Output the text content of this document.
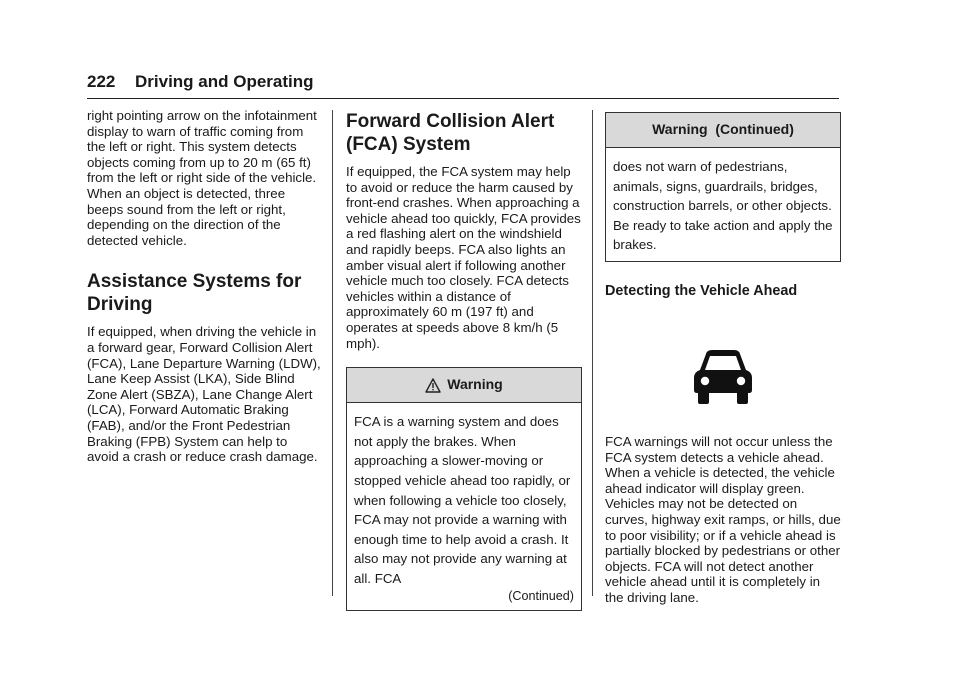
222 Driving and Operating

right pointing arrow on the infotainment display to warn of traffic coming from the left or right. This system detects objects coming from up to 20 m (65 ft) from the left or right side of the vehicle. When an object is detected, three beeps sound from the left or right, depending on the direction of the detected vehicle.

Assistance Systems for Driving

If equipped, when driving the vehicle in a forward gear, Forward Collision Alert (FCA), Lane Departure Warning (LDW), Lane Keep Assist (LKA), Side Blind Zone Alert (SBZA), Lane Change Alert (LCA), Forward Automatic Braking (FAB), and/or the Front Pedestrian Braking (FPB) System can help to avoid a crash or reduce crash damage.

Forward Collision Alert (FCA) System

If equipped, the FCA system may help to avoid or reduce the harm caused by front-end crashes. When approaching a vehicle ahead too quickly, FCA provides a red flashing alert on the windshield and rapidly beeps. FCA also lights an amber visual alert if following another vehicle much too closely. FCA detects vehicles within a distance of approximately 60 m (197 ft) and operates at speeds above 8 km/h (5 mph).

Warning

FCA is a warning system and does not apply the brakes. When approaching a slower-moving or stopped vehicle ahead too rapidly, or when following a vehicle too closely, FCA may not provide a warning with enough time to help avoid a crash. It also may not provide any warning at all. FCA

(Continued)
Warning  (Continued)

does not warn of pedestrians, animals, signs, guardrails, bridges, construction barrels, or other objects. Be ready to take action and apply the brakes.

Detecting the Vehicle Ahead

FCA warnings will not occur unless the FCA system detects a vehicle ahead. When a vehicle is detected, the vehicle ahead indicator will display green. Vehicles may not be detected on curves, highway exit ramps, or hills, due to poor visibility; or if a vehicle ahead is partially blocked by pedestrians or other objects. FCA will not detect another vehicle ahead until it is completely in the driving lane.
